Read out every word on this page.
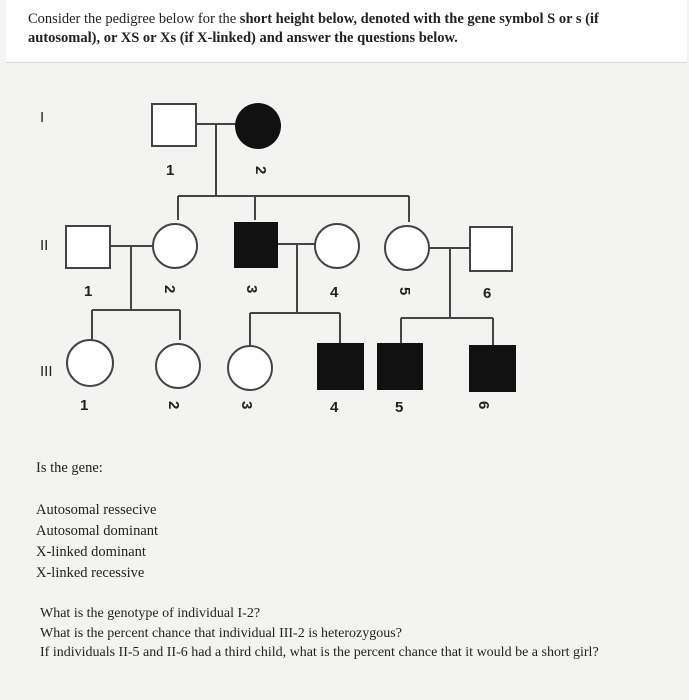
Consider the pedigree below for the short height below, denoted with the gene symbol S or s (if
autosomal), or XS or Xs (if X-linked) and answer the questions below.
I
II
III
1	2
1	2	3	4	5	6
1	2	3	4	5	6
Is the gene:
Autosomal ressecive
Autosomal dominant
X-linked dominant
X-linked recessive
What is the genotype of individual I-2?
What is the percent chance that individual III-2 is heterozygous?
If individuals II-5 and II-6 had a third child, what is the percent chance that it would be a short girl?
